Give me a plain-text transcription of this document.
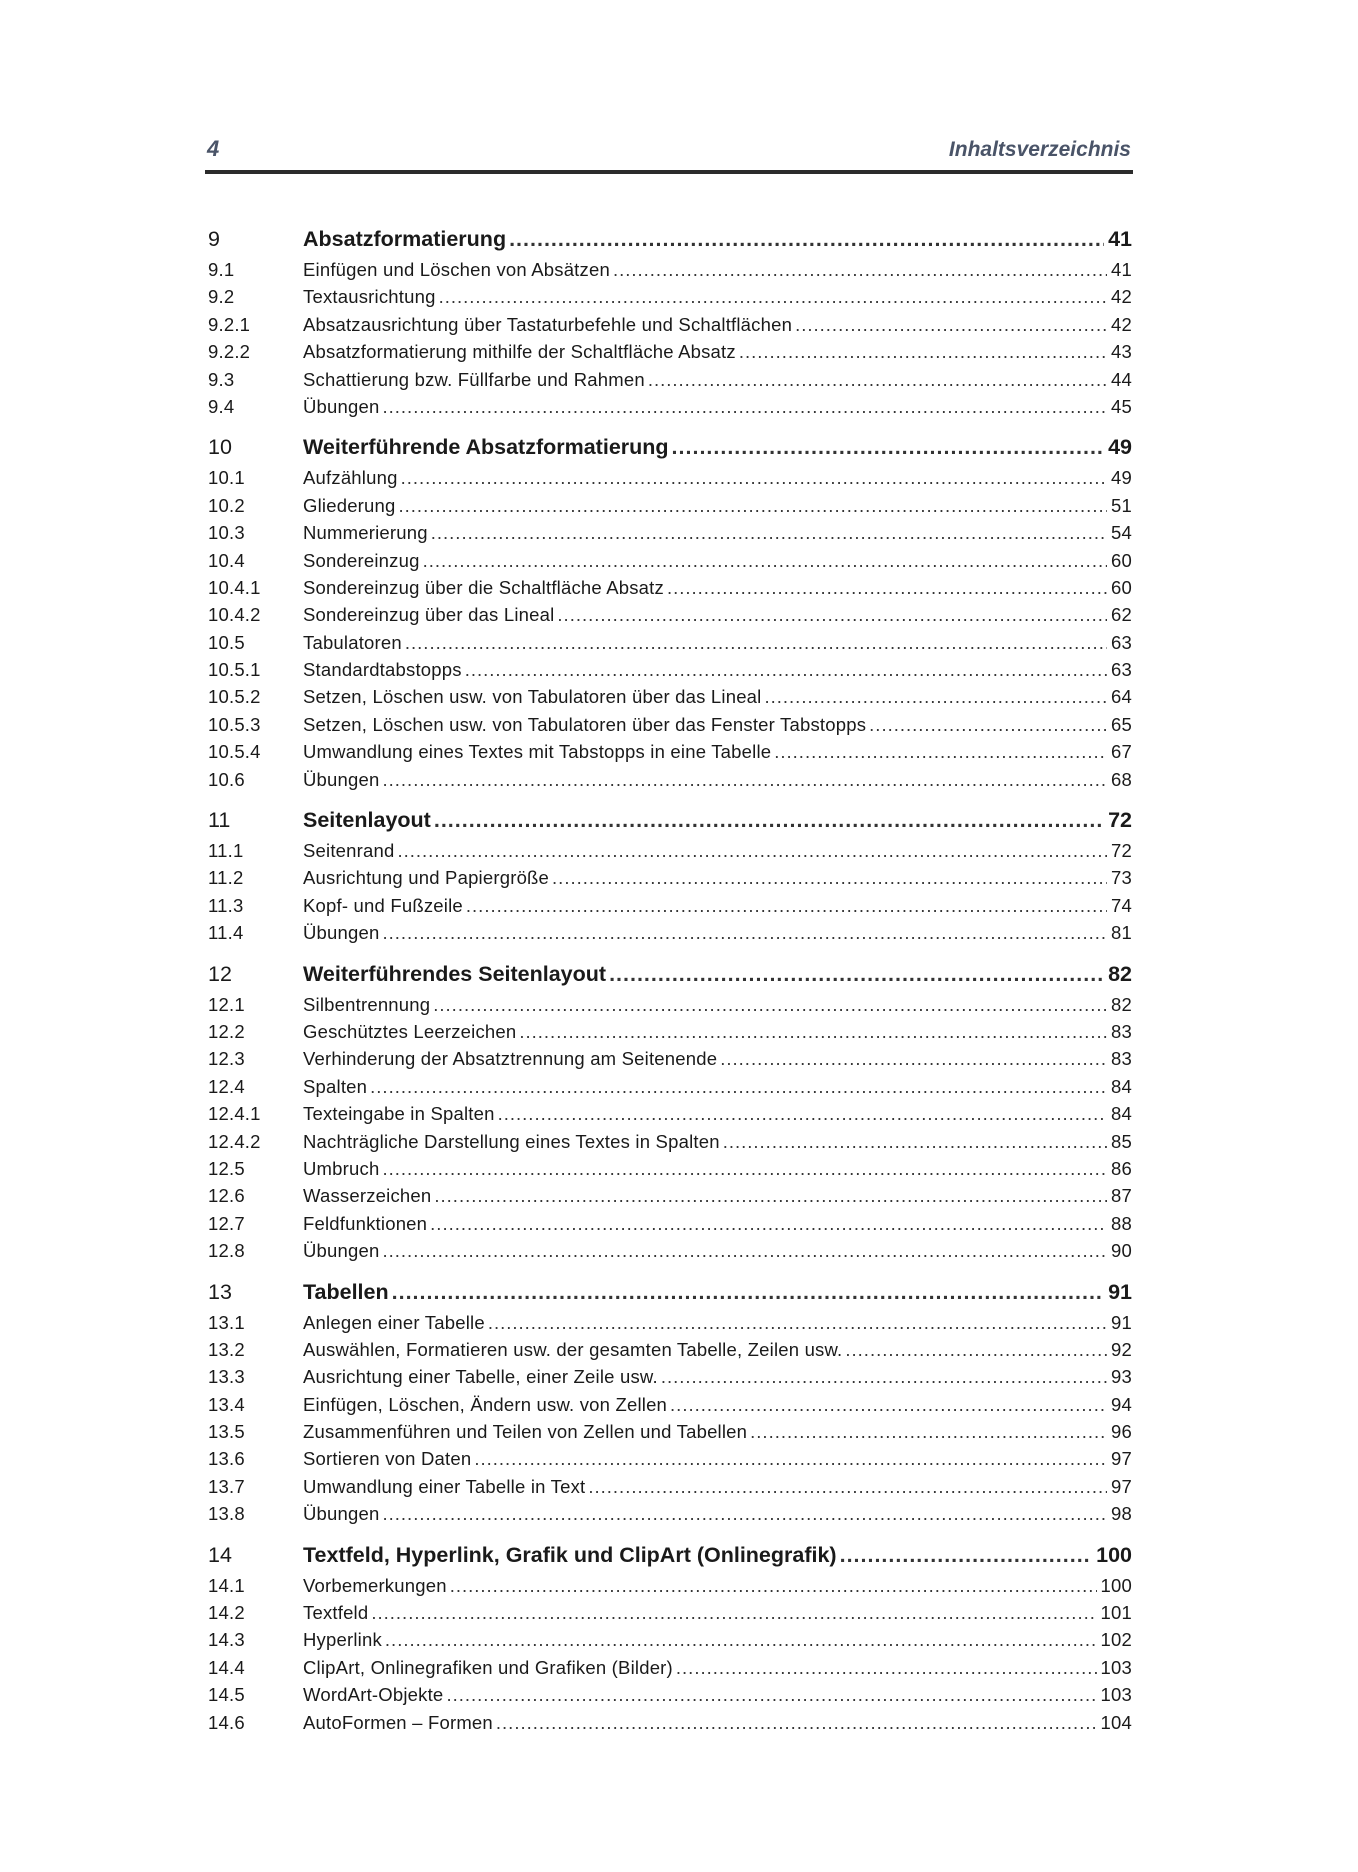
4	Inhaltsverzeichnis
9	Absatzformatierung .....	41
9.1	Einfügen und Löschen von Absätzen .....	41
9.2	Textausrichtung .....	42
9.2.1	Absatzausrichtung über Tastaturbefehle und Schaltflächen .....	42
9.2.2	Absatzformatierung mithilfe der Schaltfläche Absatz .....	43
9.3	Schattierung bzw. Füllfarbe und Rahmen .....	44
9.4	Übungen .....	45
10	Weiterführende Absatzformatierung .....	49
10.1	Aufzählung .....	49
10.2	Gliederung .....	51
10.3	Nummerierung .....	54
10.4	Sondereinzug .....	60
10.4.1	Sondereinzug über die Schaltfläche Absatz .....	60
10.4.2	Sondereinzug über das Lineal .....	62
10.5	Tabulatoren .....	63
10.5.1	Standardtabstopps .....	63
10.5.2	Setzen, Löschen usw. von Tabulatoren über das Lineal .....	64
10.5.3	Setzen, Löschen usw. von Tabulatoren über das Fenster Tabstopps .....	65
10.5.4	Umwandlung eines Textes mit Tabstopps in eine Tabelle .....	67
10.6	Übungen .....	68
11	Seitenlayout .....	72
11.1	Seitenrand .....	72
11.2	Ausrichtung und Papiergröße .....	73
11.3	Kopf- und Fußzeile .....	74
11.4	Übungen .....	81
12	Weiterführendes Seitenlayout .....	82
12.1	Silbentrennung .....	82
12.2	Geschütztes Leerzeichen .....	83
12.3	Verhinderung der Absatztrennung am Seitenende .....	83
12.4	Spalten .....	84
12.4.1	Texteingabe in Spalten .....	84
12.4.2	Nachträgliche Darstellung eines Textes in Spalten .....	85
12.5	Umbruch .....	86
12.6	Wasserzeichen .....	87
12.7	Feldfunktionen .....	88
12.8	Übungen .....	90
13	Tabellen .....	91
13.1	Anlegen einer Tabelle .....	91
13.2	Auswählen, Formatieren usw. der gesamten Tabelle, Zeilen usw. .....	92
13.3	Ausrichtung einer Tabelle, einer Zeile usw. .....	93
13.4	Einfügen, Löschen, Ändern usw. von Zellen .....	94
13.5	Zusammenführen und Teilen von Zellen und Tabellen .....	96
13.6	Sortieren von Daten .....	97
13.7	Umwandlung einer Tabelle in Text .....	97
13.8	Übungen .....	98
14	Textfeld, Hyperlink, Grafik und ClipArt (Onlinegrafik) .....	100
14.1	Vorbemerkungen .....	100
14.2	Textfeld .....	101
14.3	Hyperlink .....	102
14.4	ClipArt, Onlinegrafiken und Grafiken (Bilder) .....	103
14.5	WordArt-Objekte .....	103
14.6	AutoFormen – Formen .....	104
